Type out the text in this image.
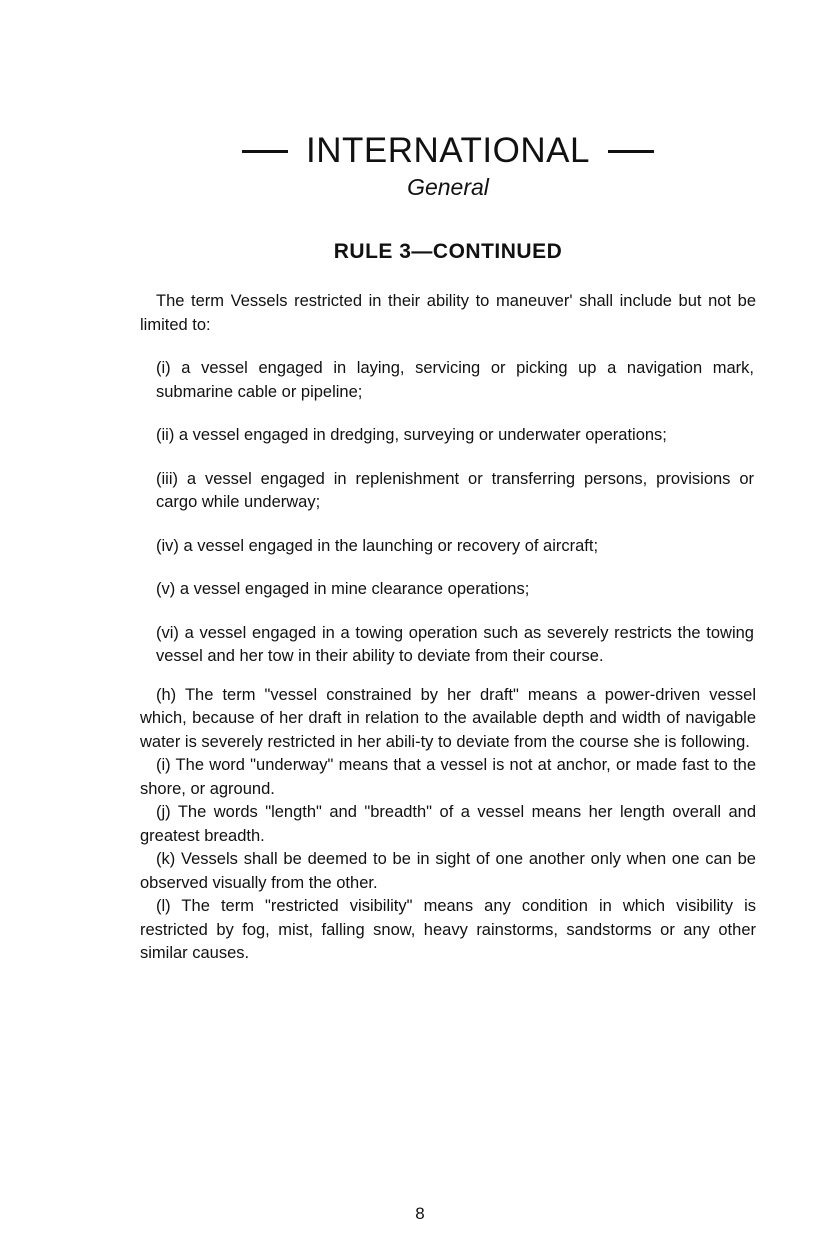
INTERNATIONAL
General
RULE 3—CONTINUED

The term Vessels restricted in their ability to maneuver' shall include but not be limited to:

(i) a vessel engaged in laying, servicing or picking up a navigation mark, submarine cable or pipeline;

(ii) a vessel engaged in dredging, surveying or underwater operations;

(iii) a vessel engaged in replenishment or transferring persons, provisions or cargo while underway;

(iv) a vessel engaged in the launching or recovery of aircraft;

(v) a vessel engaged in mine clearance operations;

(vi) a vessel engaged in a towing operation such as severely restricts the towing vessel and her tow in their ability to deviate from their course.

(h) The term "vessel constrained by her draft" means a power-driven vessel which, because of her draft in relation to the available depth and width of navigable water is severely restricted in her abili-ty to deviate from the course she is following.

(i) The word "underway" means that a vessel is not at anchor, or made fast to the shore, or aground.

(j) The words "length" and "breadth" of a vessel means her length overall and greatest breadth.

(k) Vessels shall be deemed to be in sight of one another only when one can be observed visually from the other.

(l) The term "restricted visibility" means any condition in which visibility is restricted by fog, mist, falling snow, heavy rainstorms, sandstorms or any other similar causes.

8
